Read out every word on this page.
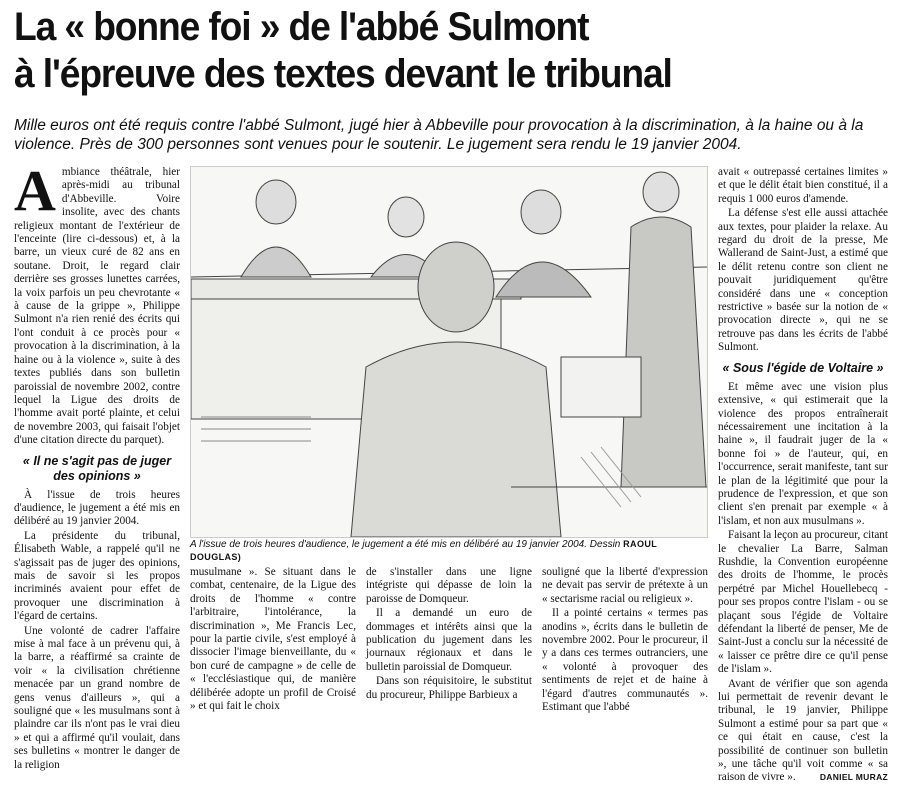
La « bonne foi » de l'abbé Sulmont
à l'épreuve des textes devant le tribunal

Mille euros ont été requis contre l'abbé Sulmont, jugé hier à Abbeville pour provocation à la discrimination, à la haine ou à la violence. Près de 300 personnes sont venues pour le soutenir. Le jugement sera rendu le 19 janvier 2004.

Ambiance théâtrale, hier après-midi au tribunal d'Abbeville. Voire insolite, avec des chants religieux montant de l'extérieur de l'enceinte (lire ci-dessous) et, à la barre, un vieux curé de 82 ans en soutane. Droit, le regard clair derrière ses grosses lunettes carrées, la voix parfois un peu chevrotante « à cause de la grippe », Philippe Sulmont n'a rien renié des écrits qui l'ont conduit à ce procès pour « provocation à la discrimination, à la haine ou à la violence », suite à des textes publiés dans son bulletin paroissial de novembre 2002, contre lequel la Ligue des droits de l'homme avait porté plainte, et celui de novembre 2003, qui faisait l'objet d'une citation directe du parquet).

« Il ne s'agit pas de juger des opinions »

À l'issue de trois heures d'audience, le jugement a été mis en délibéré au 19 janvier 2004.

La présidente du tribunal, Élisabeth Wable, a rappelé qu'il ne s'agissait pas de juger des opinions, mais de savoir si les propos incriminés avaient pour effet de provoquer une discrimination à l'égard de certains.

Une volonté de cadrer l'affaire mise à mal face à un prévenu qui, à la barre, a réaffirmé sa crainte de voir « la civilisation chrétienne menacée par un grand nombre de gens venus d'ailleurs », qui a souligné que « les musulmans sont à plaindre car ils n'ont pas le vrai dieu » et qui a affirmé qu'il voulait, dans ses bulletins « montrer le danger de la religion

A l'issue de trois heures d'audience, le jugement a été mis en délibéré au 19 janvier 2004. Dessin RAOUL DOUGLAS)

musulmane ». Se situant dans le combat, centenaire, de la Ligue des droits de l'homme « contre l'arbitraire, l'intolérance, la discrimination », Me Francis Lec, pour la partie civile, s'est employé à dissocier l'image bienveillante, du « bon curé de campagne » de celle de « l'ecclésiastique qui, de manière délibérée adopte un profil de Croisé » et qui fait le choix

de s'installer dans une ligne intégriste qui dépasse de loin la paroisse de Domqueur.

Il a demandé un euro de dommages et intérêts ainsi que la publication du jugement dans les journaux régionaux et dans le bulletin paroissial de Domqueur.

Dans son réquisitoire, le substitut du procureur, Philippe Barbieux a

souligné que la liberté d'expression ne devait pas servir de prétexte à un « sectarisme racial ou religieux ».

Il a pointé certains « termes pas anodins », écrits dans le bulletin de novembre 2002. Pour le procureur, il y a dans ces termes outranciers, une « volonté à provoquer des sentiments de rejet et de haine à l'égard d'autres communautés ». Estimant que l'abbé

avait « outrepassé certaines limites » et que le délit était bien constitué, il a requis 1 000 euros d'amende.

La défense s'est elle aussi attachée aux textes, pour plaider la relaxe. Au regard du droit de la presse, Me Wallerand de Saint-Just, a estimé que le délit retenu contre son client ne pouvait juridiquement qu'être considéré dans une « conception restrictive » basée sur la notion de « provocation directe », qui ne se retrouve pas dans les écrits de l'abbé Sulmont.

« Sous l'égide de Voltaire »

Et même avec une vision plus extensive, « qui estimerait que la violence des propos entraînerait nécessairement une incitation à la haine », il faudrait juger de la « bonne foi » de l'auteur, qui, en l'occurrence, serait manifeste, tant sur le plan de la légitimité que pour la prudence de l'expression, et que son client s'en prenait par exemple « à l'islam, et non aux musulmans ».

Faisant la leçon au procureur, citant le chevalier La Barre, Salman Rushdie, la Convention européenne des droits de l'homme, le procès perpétré par Michel Houellebecq - pour ses propos contre l'islam - ou se plaçant sous l'égide de Voltaire défendant la liberté de penser, Me de Saint-Just a conclu sur la nécessité de « laisser ce prêtre dire ce qu'il pense de l'islam ».

Avant de vérifier que son agenda lui permettait de revenir devant le tribunal, le 19 janvier, Philippe Sulmont a estimé pour sa part que « ce qui était en cause, c'est la possibilité de continuer son bulletin », une tâche qu'il voit comme « sa raison de vivre ».	DANIEL MURAZ
